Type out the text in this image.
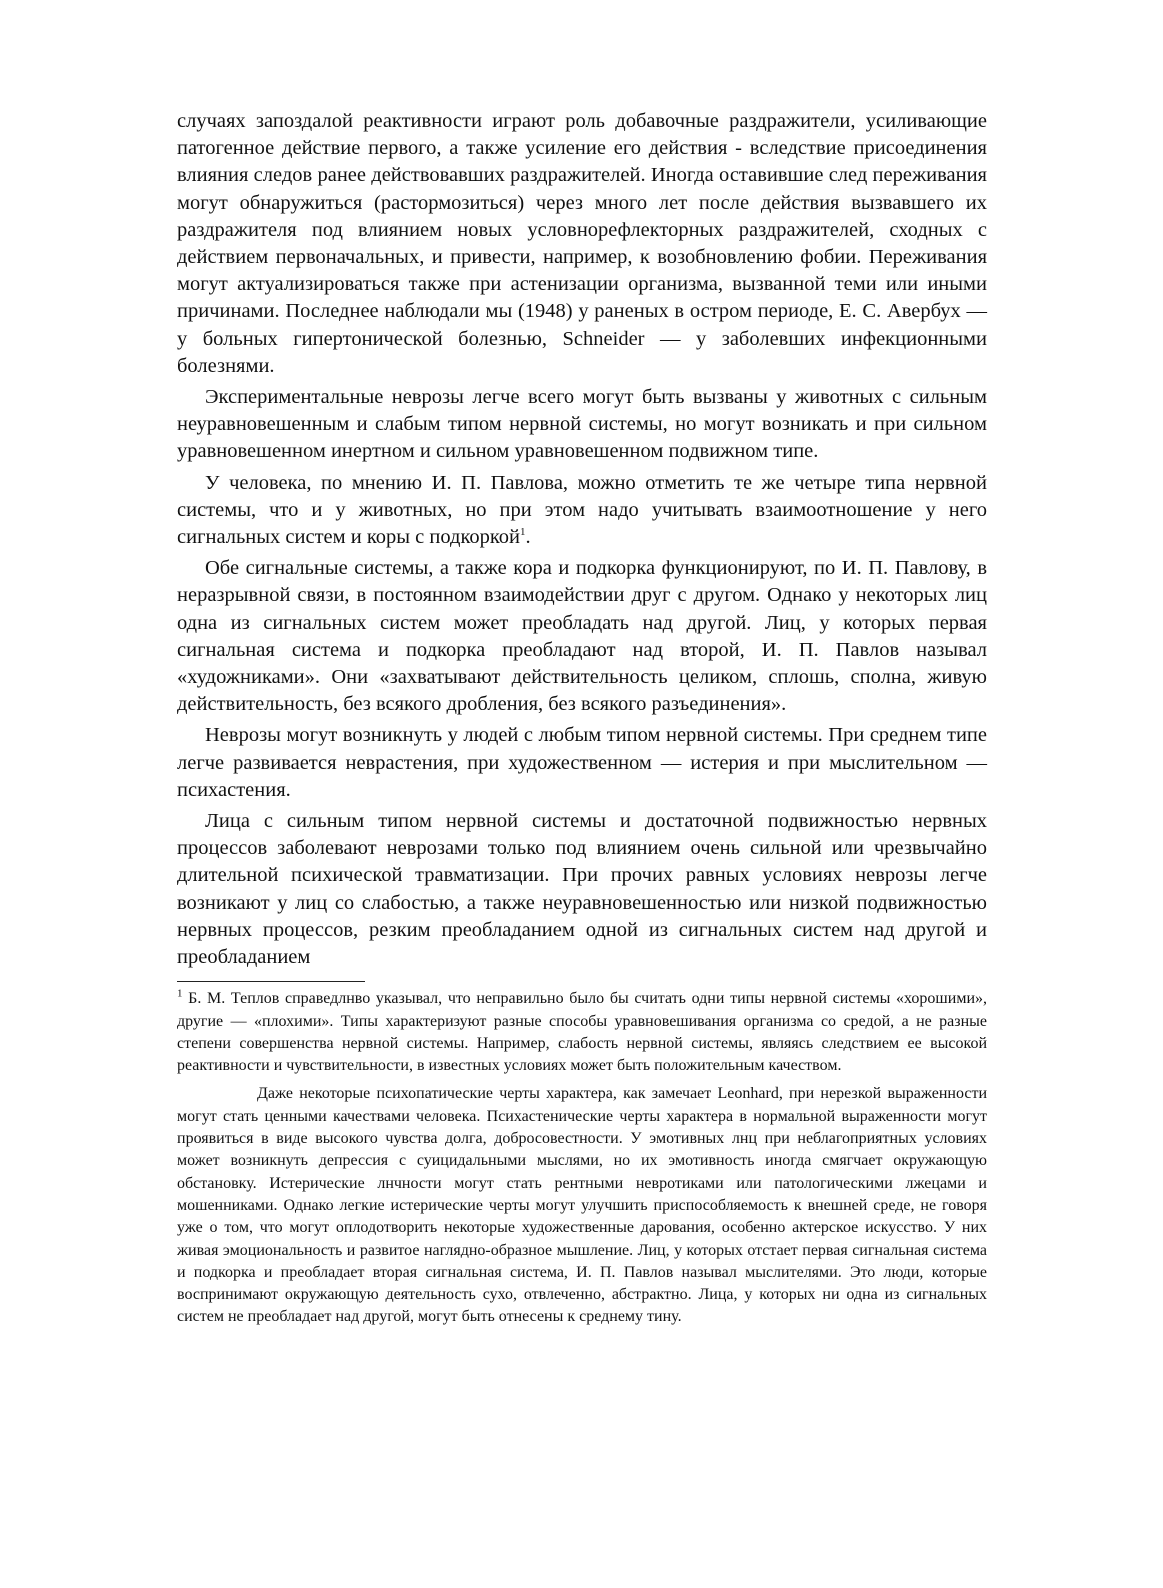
случаях запоздалой реактивности играют роль добавочные раздражители, усиливающие патогенное действие первого, а также усиление его действия - вследствие присоединения влияния следов ранее действовавших раздражителей. Иногда оставившие след переживания могут обнаружиться (растормозиться) через много лет после действия вызвавшего их раздражителя под влиянием новых условнорефлекторных раздражителей, сходных с действием первоначальных, и привести, например, к возобновлению фобии. Переживания могут актуализироваться также при астенизации организма, вызванной теми или иными причинами. Последнее наблюдали мы (1948) у раненых в остром периоде, Е. С. Авербух — у больных гипертонической болезнью, Schneider — у заболевших инфекционными болезнями.

Экспериментальные неврозы легче всего могут быть вызваны у животных с сильным неуравновешенным и слабым типом нервной системы, но могут возникать и при сильном уравновешенном инертном и сильном уравновешенном подвижном типе.

У человека, по мнению И. П. Павлова, можно отметить те же четыре типа нервной системы, что и у животных, но при этом надо учитывать взаимоотношение у него сигнальных систем и коры с подкоркой$^1$.

Обе сигнальные системы, а также кора и подкорка функционируют, по И. П. Павлову, в неразрывной связи, в постоянном взаимодействии друг с другом. Однако у некоторых лиц одна из сигнальных систем может преобладать над другой. Лиц, у которых первая сигнальная система и подкорка преобладают над второй, И. П. Павлов называл «художниками». Они «захватывают действительность целиком, сплошь, сполна, живую действительность, без всякого дробления, без всякого разъединения».

Неврозы могут возникнуть у людей с любым типом нервной системы. При среднем типе легче развивается неврастения, при художественном — истерия и при мыслительном — психастения.

Лица с сильным типом нервной системы и достаточной подвижностью нервных процессов заболевают неврозами только под влиянием очень сильной или чрезвычайно длительной психической травматизации. При прочих равных условиях неврозы легче возникают у лиц со слабостью, а также неуравновешенностью или низкой подвижностью нервных процессов, резким преобладанием одной из сигнальных систем над другой и преобладанием

$^1$ Б. М. Теплов справедлнво указывал, что неправильно было бы считать одни типы нервной системы «хорошими», другие — «плохими». Типы характеризуют разные способы уравновешивания организма со средой, а не разные степени совершенства нервной системы. Например, слабость нервной системы, являясь следствием ее высокой реактивности и чувствительности, в известных условиях может быть положительным качеством.

Даже некоторые психопатические черты характера, как замечает Leonhard, при нерезкой выраженности могут стать ценными качествами человека. Психастенические черты характера в нормальной выраженности могут проявиться в виде высокого чувства долга, добросовестности. У эмотивных лнц при неблагоприятных условиях может возникнуть депрессия с суицидальными мыслями, но их эмотивность иногда смягчает окружающую обстановку. Истерические лнчности могут стать рентными невротиками или патологическими лжецами и мошенниками. Однако легкие истерические черты могут улучшить приспособляемость к внешней среде, не говоря уже о том, что могут оплодотворить некоторые художественные дарования, особенно актерское искусство. У них живая эмоциональность и развитое наглядно-образное мышление. Лиц, у которых отстает первая сигнальная система и подкорка и преобладает вторая сигнальная система, И. П. Павлов называл мыслителями. Это люди, которые воспринимают окружающую деятельность сухо, отвлеченно, абстрактно. Лица, у которых ни одна из сигнальных систем не преобладает над другой, могут быть отнесены к среднему тину.
